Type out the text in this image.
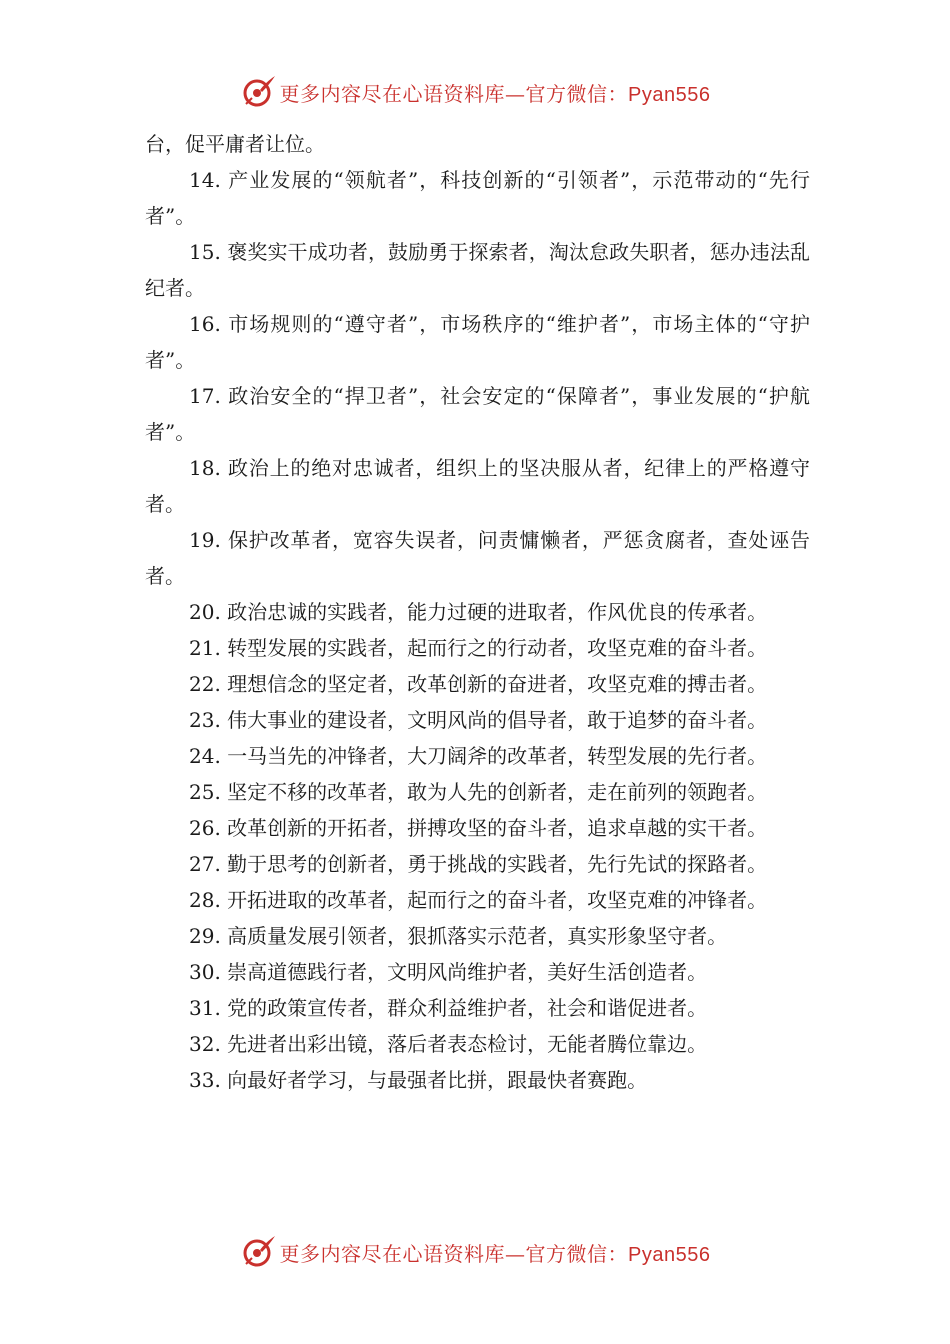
更多内容尽在心语资料库—官方微信：Pyan556

台，促平庸者让位。

14. 产业发展的“领航者”，科技创新的“引领者”，示范带动的“先行者”。

15. 褒奖实干成功者，鼓励勇于探索者，淘汰怠政失职者，惩办违法乱纪者。

16. 市场规则的“遵守者”，市场秩序的“维护者”，市场主体的“守护者”。

17. 政治安全的“捍卫者”，社会安定的“保障者”，事业发展的“护航者”。

18. 政治上的绝对忠诚者，组织上的坚决服从者，纪律上的严格遵守者。

19. 保护改革者，宽容失误者，问责慵懒者，严惩贪腐者，查处诬告者。

20. 政治忠诚的实践者，能力过硬的进取者，作风优良的传承者。

21. 转型发展的实践者，起而行之的行动者，攻坚克难的奋斗者。

22. 理想信念的坚定者，改革创新的奋进者，攻坚克难的搏击者。

23. 伟大事业的建设者，文明风尚的倡导者，敢于追梦的奋斗者。

24. 一马当先的冲锋者，大刀阔斧的改革者，转型发展的先行者。

25. 坚定不移的改革者，敢为人先的创新者，走在前列的领跑者。

26. 改革创新的开拓者，拼搏攻坚的奋斗者，追求卓越的实干者。

27. 勤于思考的创新者，勇于挑战的实践者，先行先试的探路者。

28. 开拓进取的改革者，起而行之的奋斗者，攻坚克难的冲锋者。

29. 高质量发展引领者，狠抓落实示范者，真实形象坚守者。

30. 崇高道德践行者，文明风尚维护者，美好生活创造者。

31. 党的政策宣传者，群众利益维护者，社会和谐促进者。

32. 先进者出彩出镜，落后者表态检讨，无能者腾位靠边。

33. 向最好者学习，与最强者比拼，跟最快者赛跑。

更多内容尽在心语资料库—官方微信：Pyan556
